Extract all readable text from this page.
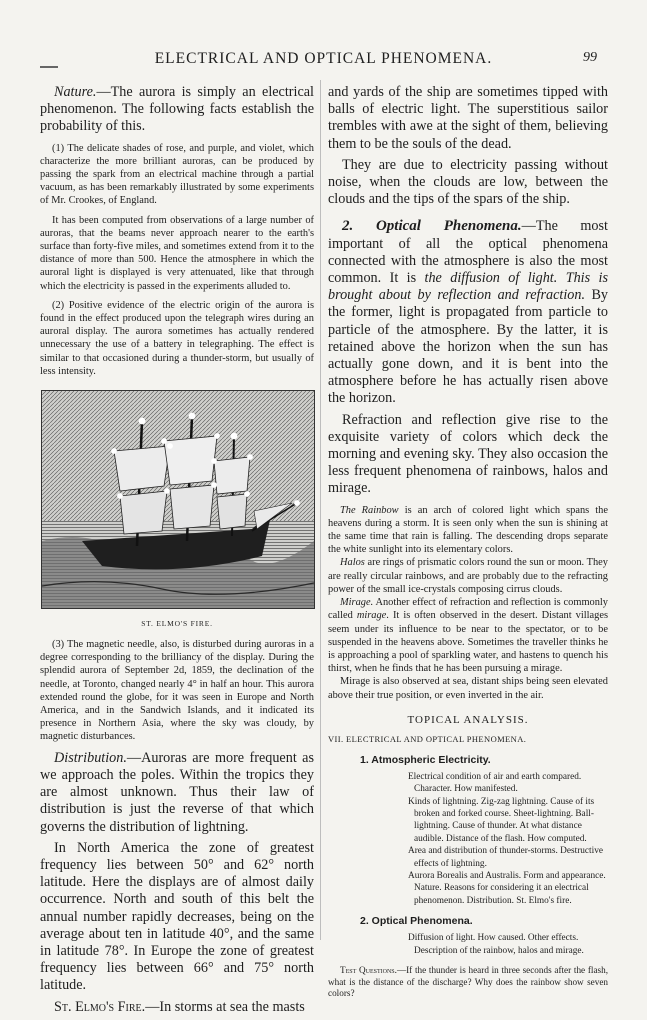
ELECTRICAL AND OPTICAL PHENOMENA.	99

Nature.—The aurora is simply an electrical phenomenon. The following facts establish the probability of this.

(1) The delicate shades of rose, and purple, and violet, which characterize the more brilliant auroras, can be produced by passing the spark from an electrical machine through a partial vacuum, as has been remarkably illustrated by some experiments of Mr. Crookes, of England.

It has been computed from observations of a large number of auroras, that the beams never approach nearer to the earth's surface than forty-five miles, and sometimes extend from it to the distance of more than 500. Hence the atmosphere in which the auroral light is displayed is very attenuated, like that through which the electricity is passed in the experiments alluded to.

(2) Positive evidence of the electric origin of the aurora is found in the effect produced upon the telegraph wires during an auroral display. The aurora sometimes has actually rendered unnecessary the use of a battery in telegraphing. The effect is similar to that occasioned during a thunder-storm, but usually of less intensity.

ST. ELMO'S FIRE.

(3) The magnetic needle, also, is disturbed during auroras in a degree corresponding to the brilliancy of the display. During the splendid aurora of September 2d, 1859, the declination of the needle, at Toronto, changed nearly 4° in half an hour. This aurora extended round the globe, for it was seen in Europe and North America, and in the Sandwich Islands, and it indicated its presence in Northern Asia, where the sky was cloudy, by magnetic disturbances.

Distribution.—Auroras are more frequent as we approach the poles. Within the tropics they are almost unknown. Thus their law of distribution is just the reverse of that which governs the distribution of lightning.

In North America the zone of greatest frequency lies between 50° and 62° north latitude. Here the displays are of almost daily occurrence. North and south of this belt the annual number rapidly decreases, being on the average about ten in latitude 40°, and the same in latitude 78°. In Europe the zone of greatest frequency lies between 66° and 75° north latitude.

St. Elmo's Fire.—In storms at sea the masts

and yards of the ship are sometimes tipped with balls of electric light. The superstitious sailor trembles with awe at the sight of them, believing them to be the souls of the dead.

They are due to electricity passing without noise, when the clouds are low, between the clouds and the tips of the spars of the ship.

2. Optical Phenomena.—The most important of all the optical phenomena connected with the atmosphere is also the most common. It is the diffusion of light. This is brought about by reflection and refraction. By the former, light is propagated from particle to particle of the atmosphere. By the latter, it is retained above the horizon when the sun has actually gone down, and it is bent into the atmosphere before he has actually risen above the horizon.

Refraction and reflection give rise to the exquisite variety of colors which deck the morning and evening sky. They also occasion the less frequent phenomena of rainbows, halos and mirage.

The Rainbow is an arch of colored light which spans the heavens during a storm. It is seen only when the sun is shining at the same time that rain is falling. The descending drops separate the white sunlight into its elementary colors.

Halos are rings of prismatic colors round the sun or moon. They are really circular rainbows, and are probably due to the refracting power of the small ice-crystals composing cirrus clouds.

Mirage. Another effect of refraction and reflection is commonly called mirage. It is often observed in the desert. Distant villages seem under its influence to be near to the spectator, or to be suspended in the heavens above. Sometimes the traveller thinks he is approaching a pool of sparkling water, and hastens to quench his thirst, when he finds that he has been pursuing a mirage.

Mirage is also observed at sea, distant ships being seen elevated above their true position, or even inverted in the air.

TOPICAL ANALYSIS.
VII. ELECTRICAL AND OPTICAL PHENOMENA.
1. Atmospheric Electricity.
Electrical condition of air and earth compared. Character. How manifested.
Kinds of lightning. Zig-zag lightning. Cause of its broken and forked course. Sheet-lightning. Ball-lightning. Cause of thunder. At what distance audible. Distance of the flash. How computed.
Area and distribution of thunder-storms. Destructive effects of lightning.
Aurora Borealis and Australis. Form and appearance. Nature. Reasons for considering it an electrical phenomenon. Distribution. St. Elmo's fire.
2. Optical Phenomena.
Diffusion of light. How caused. Other effects. Description of the rainbow, halos and mirage.

Test Questions.—If the thunder is heard in three seconds after the flash, what is the distance of the discharge? Why does the rainbow show seven colors?
